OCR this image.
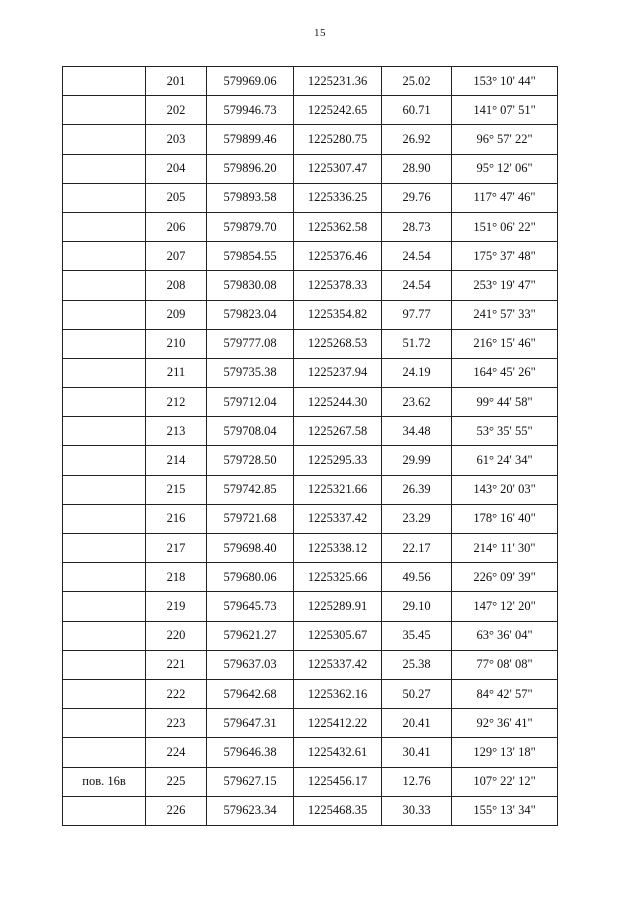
15
	201	579969.06	1225231.36	25.02	153° 10' 44"
	202	579946.73	1225242.65	60.71	141° 07' 51"
	203	579899.46	1225280.75	26.92	96° 57' 22"
	204	579896.20	1225307.47	28.90	95° 12' 06"
	205	579893.58	1225336.25	29.76	117° 47' 46"
	206	579879.70	1225362.58	28.73	151° 06' 22"
	207	579854.55	1225376.46	24.54	175° 37' 48"
	208	579830.08	1225378.33	24.54	253° 19' 47"
	209	579823.04	1225354.82	97.77	241° 57' 33"
	210	579777.08	1225268.53	51.72	216° 15' 46"
	211	579735.38	1225237.94	24.19	164° 45' 26"
	212	579712.04	1225244.30	23.62	99° 44' 58"
	213	579708.04	1225267.58	34.48	53° 35' 55"
	214	579728.50	1225295.33	29.99	61° 24' 34"
	215	579742.85	1225321.66	26.39	143° 20' 03"
	216	579721.68	1225337.42	23.29	178° 16' 40"
	217	579698.40	1225338.12	22.17	214° 11' 30"
	218	579680.06	1225325.66	49.56	226° 09' 39"
	219	579645.73	1225289.91	29.10	147° 12' 20"
	220	579621.27	1225305.67	35.45	63° 36' 04"
	221	579637.03	1225337.42	25.38	77° 08' 08"
	222	579642.68	1225362.16	50.27	84° 42' 57"
	223	579647.31	1225412.22	20.41	92° 36' 41"
	224	579646.38	1225432.61	30.41	129° 13' 18"
пов. 16в	225	579627.15	1225456.17	12.76	107° 22' 12"
	226	579623.34	1225468.35	30.33	155° 13' 34"
